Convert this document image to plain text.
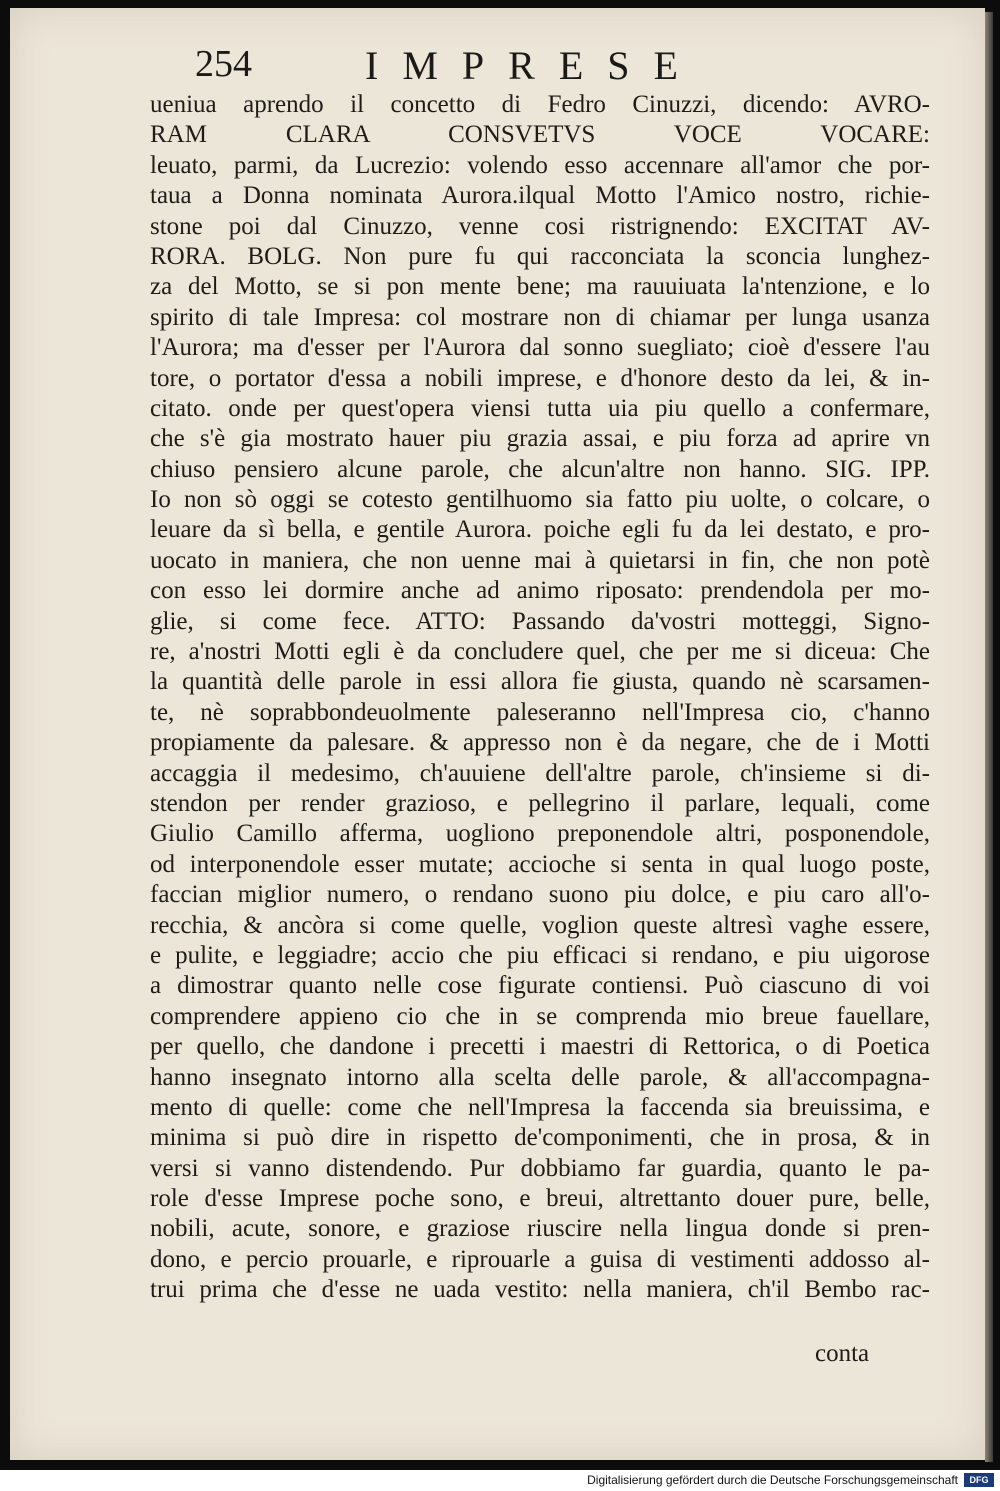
254	IMPRESE
ueniua aprendo il concetto di Fedro Cinuzzi, dicendo: AVRO-
RAM CLARA CONSVETVS VOCE VOCARE:
leuato, parmi, da Lucrezio: volendo esso accennare all'amor che por-
taua a Donna nominata Aurora.ilqual Motto l'Amico nostro, richie-
stone poi dal Cinuzzo, venne cosi ristrignendo: EXCITAT AV-
RORA. BOLG. Non pure fu qui racconciata la sconcia lunghez-
za del Motto, se si pon mente bene; ma rauuiuata la'ntenzione, e lo
spirito di tale Impresa: col mostrare non di chiamar per lunga usanza
l'Aurora; ma d'esser per l'Aurora dal sonno suegliato; cioè d'essere l'au
tore, o portator d'essa a nobili imprese, e d'honore desto da lei, & in-
citato. onde per quest'opera viensi tutta uia piu quello a confermare,
che s'è gia mostrato hauer piu grazia assai, e piu forza ad aprire vn
chiuso pensiero alcune parole, che alcun'altre non hanno. SIG. IPP.
Io non sò oggi se cotesto gentilhuomo sia fatto piu uolte, o colcare, o
leuare da sì bella, e gentile Aurora. poiche egli fu da lei destato, e pro-
uocato in maniera, che non uenne mai à quietarsi in fin, che non potè
con esso lei dormire anche ad animo riposato: prendendola per mo-
glie, si come fece. ATTO: Passando da'vostri motteggi, Signo-
re, a'nostri Motti egli è da concludere quel, che per me si diceua: Che
la quantità delle parole in essi allora fie giusta, quando nè scarsamen-
te, nè soprabbondeuolmente paleseranno nell'Impresa cio, c'hanno
propiamente da palesare. & appresso non è da negare, che de i Motti
accaggia il medesimo, ch'auuiene dell'altre parole, ch'insieme si di-
stendon per render grazioso, e pellegrino il parlare, lequali, come
Giulio Camillo afferma, uogliono preponendole altri, posponendole,
od interponendole esser mutate; accioche si senta in qual luogo poste,
faccian miglior numero, o rendano suono piu dolce, e piu caro all'o-
recchia, & ancòra si come quelle, voglion queste altresì vaghe essere,
e pulite, e leggiadre; accio che piu efficaci si rendano, e piu uigorose
a dimostrar quanto nelle cose figurate contiensi. Può ciascuno di voi
comprendere appieno cio che in se comprenda mio breue fauellare,
per quello, che dandone i precetti i maestri di Rettorica, o di Poetica
hanno insegnato intorno alla scelta delle parole, & all'accompagna-
mento di quelle: come che nell'Impresa la faccenda sia breuissima, e
minima si può dire in rispetto de'componimenti, che in prosa, & in
versi si vanno distendendo. Pur dobbiamo far guardia, quanto le pa-
role d'esse Imprese poche sono, e breui, altrettanto douer pure, belle,
nobili, acute, sonore, e graziose riuscire nella lingua donde si pren-
dono, e percio prouarle, e riprouarle a guisa di vestimenti addosso al-
trui prima che d'esse ne uada vestito: nella maniera, ch'il Bembo rac-
conta
Digitalisierung gefördert durch die Deutsche Forschungsgemeinschaft	DFG
